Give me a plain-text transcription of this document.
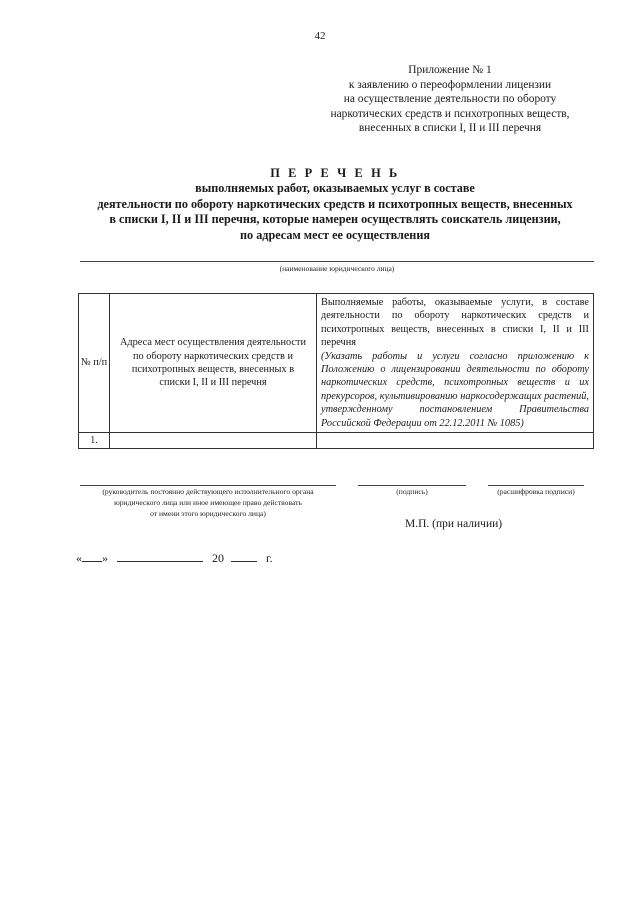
42
Приложение № 1
к заявлению о переоформлении лицензии
на осуществление деятельности по обороту
наркотических средств и психотропных веществ,
внесенных в списки I, II и III перечня
П Е Р Е Ч Е Н Ь
выполняемых работ, оказываемых услуг в составе
деятельности по обороту наркотических средств и психотропных веществ, внесенных
в списки I, II и III перечня, которые намерен осуществлять соискатель лицензии,
по адресам мест ее осуществления
(наименование юридического лица)
№ п/п	Адреса мест осуществления деятельности по обороту наркотических средств и психотропных веществ, внесенных в списки I, II и III перечня	Выполняемые работы, оказываемые услуги, в составе деятельности по обороту наркотических средств и психотропных веществ, внесенных в списки I, II и III перечня
(Указать работы и услуги согласно приложению к Положению о лицензировании деятельности по обороту наркотических средств, психотропных веществ и их прекурсоров, культивированию наркосодержащих растений, утвержденному постановлением Правительства Российской Федерации от 22.12.2011 № 1085)

1.		
(руководитель постоянно действующего исполнительного органа
юридического лица или иное имеющее право действовать
от имени этого юридического лица)
(подпись)	(расшифровка подписи)
М.П. (при наличии)
« »	20	г.
